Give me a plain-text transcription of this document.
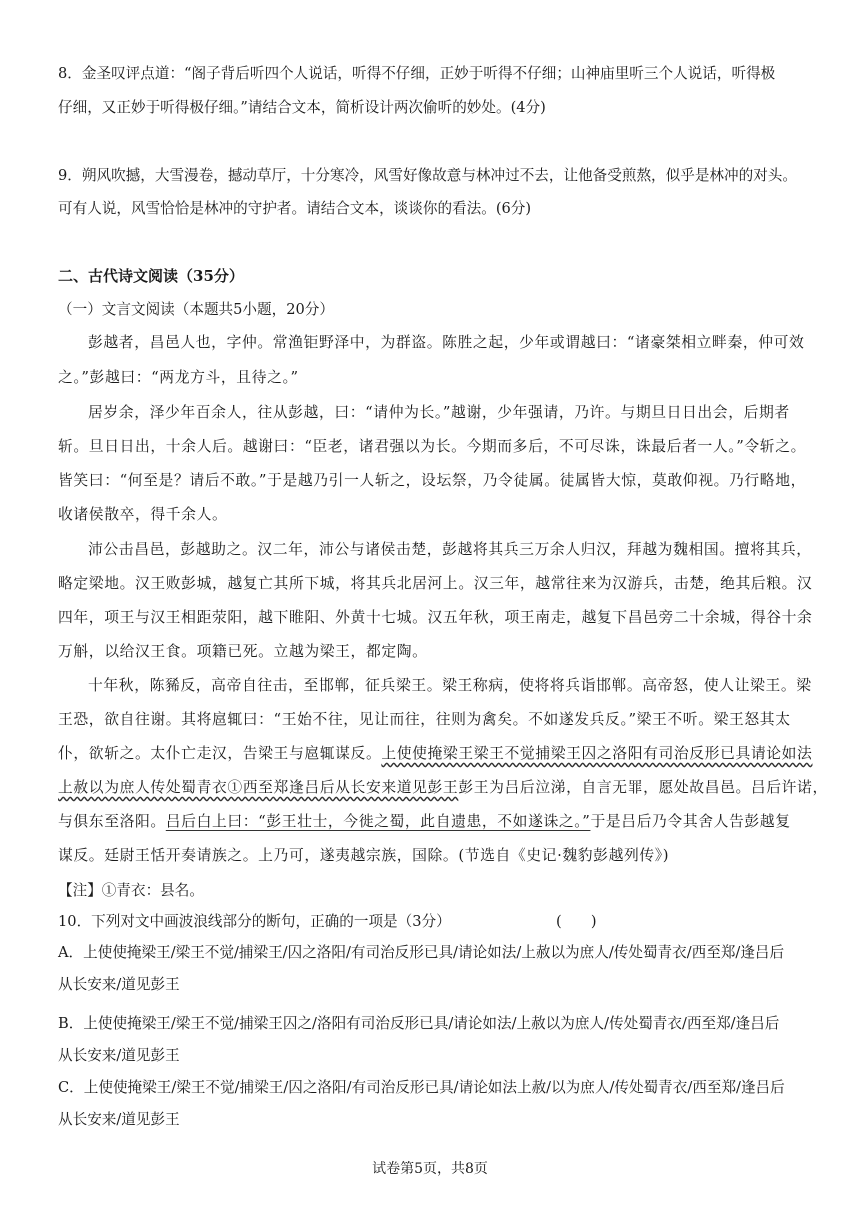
8．金圣叹评点道：“阁子背后听四个人说话，听得不仔细，正妙于听得不仔细；山神庙里听三个人说话，听得极
仔细，又正妙于听得极仔细。”请结合文本，简析设计两次偷听的妙处。(4分)
9．朔风吹撼，大雪漫卷，撼动草厅，十分寒冷，风雪好像故意与林冲过不去，让他备受煎熬，似乎是林冲的对头。
可有人说，风雪恰恰是林冲的守护者。请结合文本，谈谈你的看法。(6分)
二、古代诗文阅读（35分）
（一）文言文阅读（本题共5小题，20分）
彭越者，昌邑人也，字仲。常渔钜野泽中，为群盗。陈胜之起，少年或谓越曰：“诸豪桀相立畔秦，仲可效
之。”彭越曰：“两龙方斗，且待之。”
居岁余，泽少年百余人，往从彭越，曰：“请仲为长。”越谢，少年强请，乃许。与期旦日日出会，后期者
斩。旦日日出，十余人后。越谢曰：“臣老，诸君强以为长。今期而多后，不可尽诛，诛最后者一人。”令斩之。
皆笑曰：“何至是？请后不敢。”于是越乃引一人斩之，设坛祭，乃令徒属。徒属皆大惊，莫敢仰视。乃行略地，
收诸侯散卒，得千余人。
沛公击昌邑，彭越助之。汉二年，沛公与诸侯击楚，彭越将其兵三万余人归汉，拜越为魏相国。擅将其兵，
略定梁地。汉王败彭城，越复亡其所下城，将其兵北居河上。汉三年，越常往来为汉游兵，击楚，绝其后粮。汉
四年，项王与汉王相距荥阳，越下睢阳、外黄十七城。汉五年秋，项王南走，越复下昌邑旁二十余城，得谷十余
万斛，以给汉王食。项籍已死。立越为梁王，都定陶。
十年秋，陈豨反，高帝自往击，至邯郸，征兵梁王。梁王称病，使将将兵诣邯郸。高帝怒，使人让梁王。梁
王恐，欲自往谢。其将扈辄曰：“王始不往，见让而往，往则为禽矣。不如遂发兵反。”梁王不听。梁王怒其太
仆，欲斩之。太仆亡走汉，告梁王与扈辄谋反。上使使掩梁王梁王不觉捕梁王囚之洛阳有司治反形已具请论如法
上赦以为庶人传处蜀青衣①西至郑逢吕后从长安来道见彭王彭王为吕后泣涕，自言无罪，愿处故昌邑。吕后许诺，
与俱东至洛阳。吕后白上曰：“彭王壮士，今徙之蜀，此自遗患，不如遂诛之。”于是吕后乃令其舍人告彭越复
谋反。廷尉王恬开奏请族之。上乃可，遂夷越宗族，国除。(节选自《史记·魏豹彭越列传》)
【注】①青衣：县名。
10．下列对文中画波浪线部分的断句，正确的一项是（3分）	(　　)
A．上使使掩梁王/梁王不觉/捕梁王/囚之洛阳/有司治反形已具/请论如法/上赦以为庶人/传处蜀青衣/西至郑/逢吕后
从长安来/道见彭王
B．上使使掩梁王/梁王不觉/捕梁王囚之/洛阳有司治反形已具/请论如法/上赦以为庶人/传处蜀青衣/西至郑/逢吕后
从长安来/道见彭王
C．上使使掩梁王/梁王不觉/捕梁王/囚之洛阳/有司治反形已具/请论如法上赦/以为庶人/传处蜀青衣/西至郑/逢吕后
从长安来/道见彭王
试卷第5页，共8页
